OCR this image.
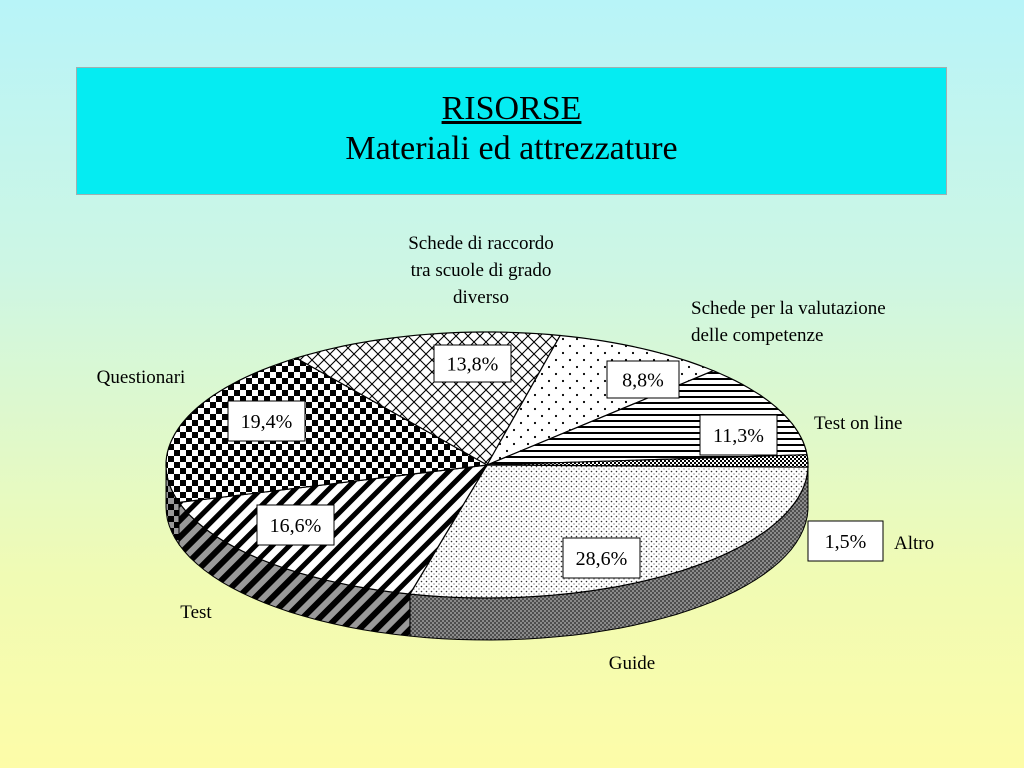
RISORSE
Materiali ed attrezzature
Schede di raccordo tra scuole di grado diverso
13,8%
Schede per la valutazione delle competenze
8,8%
Test on line
11,3%
Altro
1,5%
Guide
28,6%
Test
16,6%
Questionari
19,4%
